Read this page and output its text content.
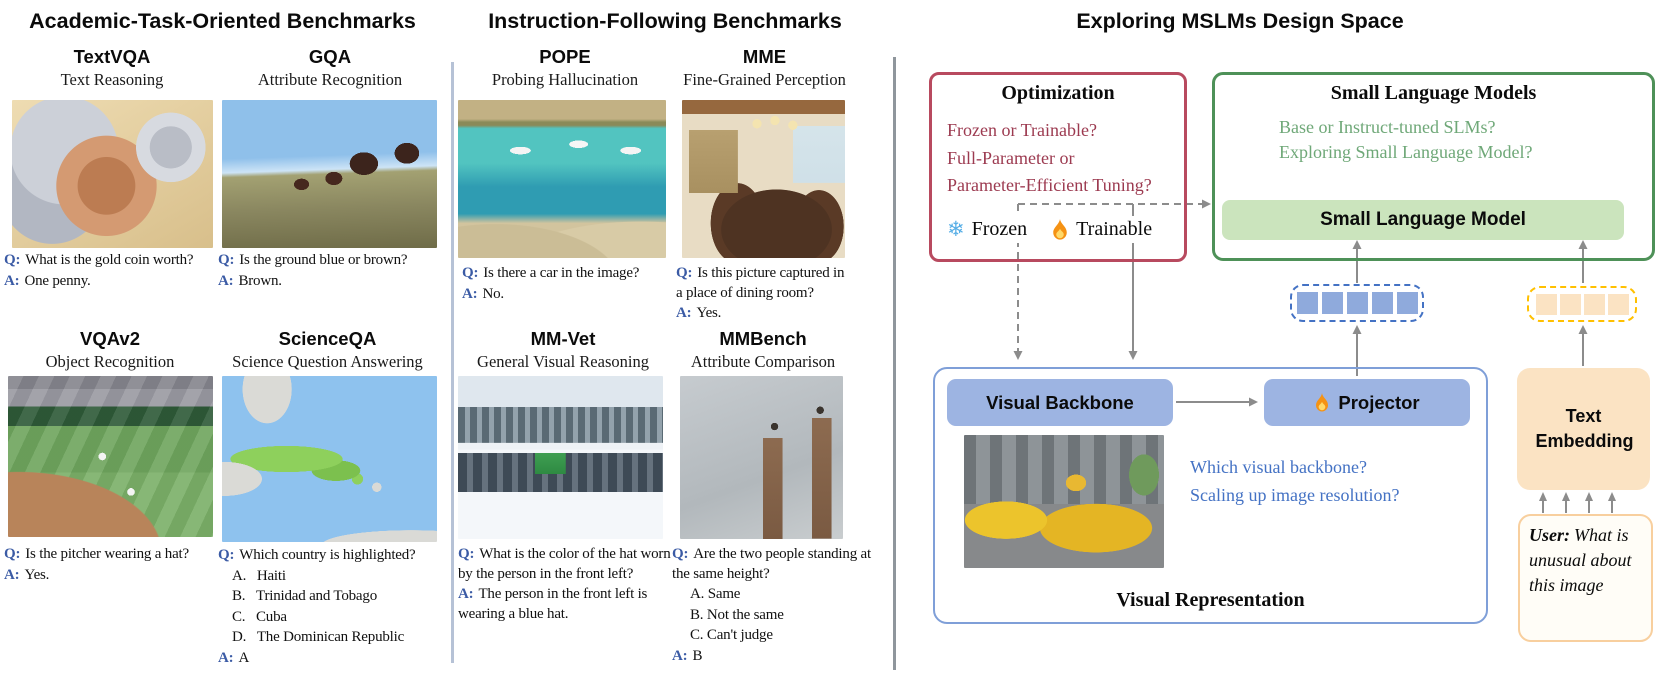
Academic-Task-Oriented Benchmarks
TextVQA
Text Reasoning

Q: What is the gold coin worth?

A: One penny.

GQA
Attribute Recognition

Q: Is the ground blue or brown?

A: Brown.

VQAv2
Object Recognition

Q: Is the pitcher wearing a hat?

A: Yes.

ScienceQA
Science Question Answering

Q: Which country is highlighted?

A.   Haiti

B.   Trinidad and Tobago

C.   Cuba

D.   The Dominican Republic

A: A

Instruction-Following Benchmarks
POPE
Probing Hallucination

Q: Is there a car in the image?

A: No.

MME
Fine-Grained Perception

Q: Is this picture captured in a place of dining room?

A: Yes.

MM-Vet
General Visual Reasoning

Q: What is the color of the hat worn by the person in the front left?

A: The person in the front left is wearing a blue hat.

MMBench
Attribute Comparison

Q: Are the two people standing at the same height?

A. Same

B. Not the same

C. Can't judge

A: B

Exploring MSLMs Design Space
Optimization
Frozen or Trainable?
Full-Parameter or
Parameter-Efficient Tuning?
❄ Frozen Trainable
Small Language Models
Base or Instruct-tuned SLMs?
Exploring Small Language Model?
Small Language Model
Visual Backbone	Projector
Which visual backbone?
Scaling up image resolution?
Visual Representation
Text Embedding
User: What is unusual about this image
